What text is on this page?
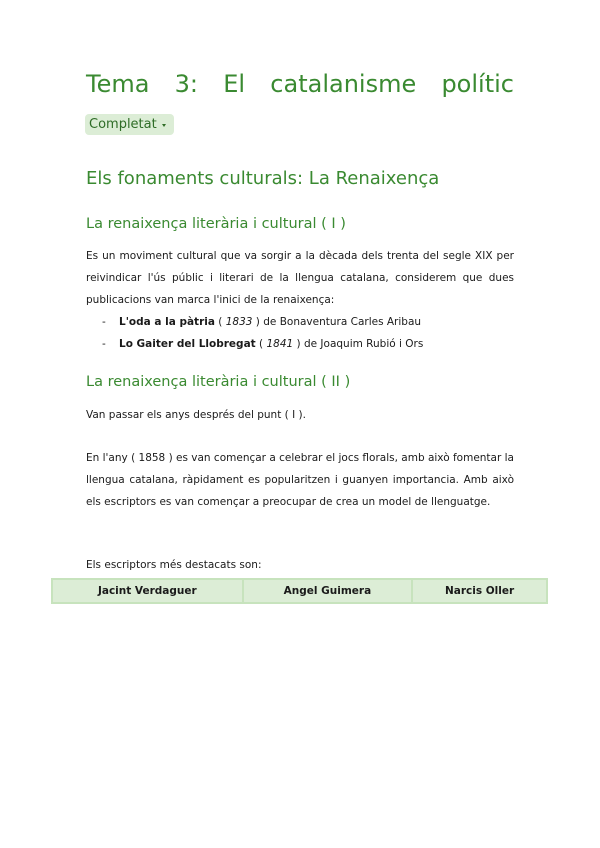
Tema 3: El catalanisme polític
Completat
Els fonaments culturals: La Renaixença
La renaixença literària i cultural ( I )

Es un moviment cultural que va sorgir a la dècada dels trenta del segle XIX per reivindicar l'ús públic i literari de la llengua catalana, considerem que dues publicacions van marca l'inici de la renaixença:

- L'oda a la pàtria ( 1833 ) de Bonaventura Carles Aribau
- Lo Gaiter del Llobregat ( 1841 ) de Joaquim Rubió i Ors
La renaixença literària i cultural ( II )

Van passar els anys després del punt ( I ).

En l'any ( 1858 ) es van començar a celebrar el jocs florals, amb això fomentar la llengua catalana, ràpidament es popularitzen i guanyen importancia. Amb això els escriptors es van començar a preocupar de crea un model de llenguatge.

Els escriptors més destacats son:

Jacint Verdaguer	Angel Guimera	Narcis Oller
